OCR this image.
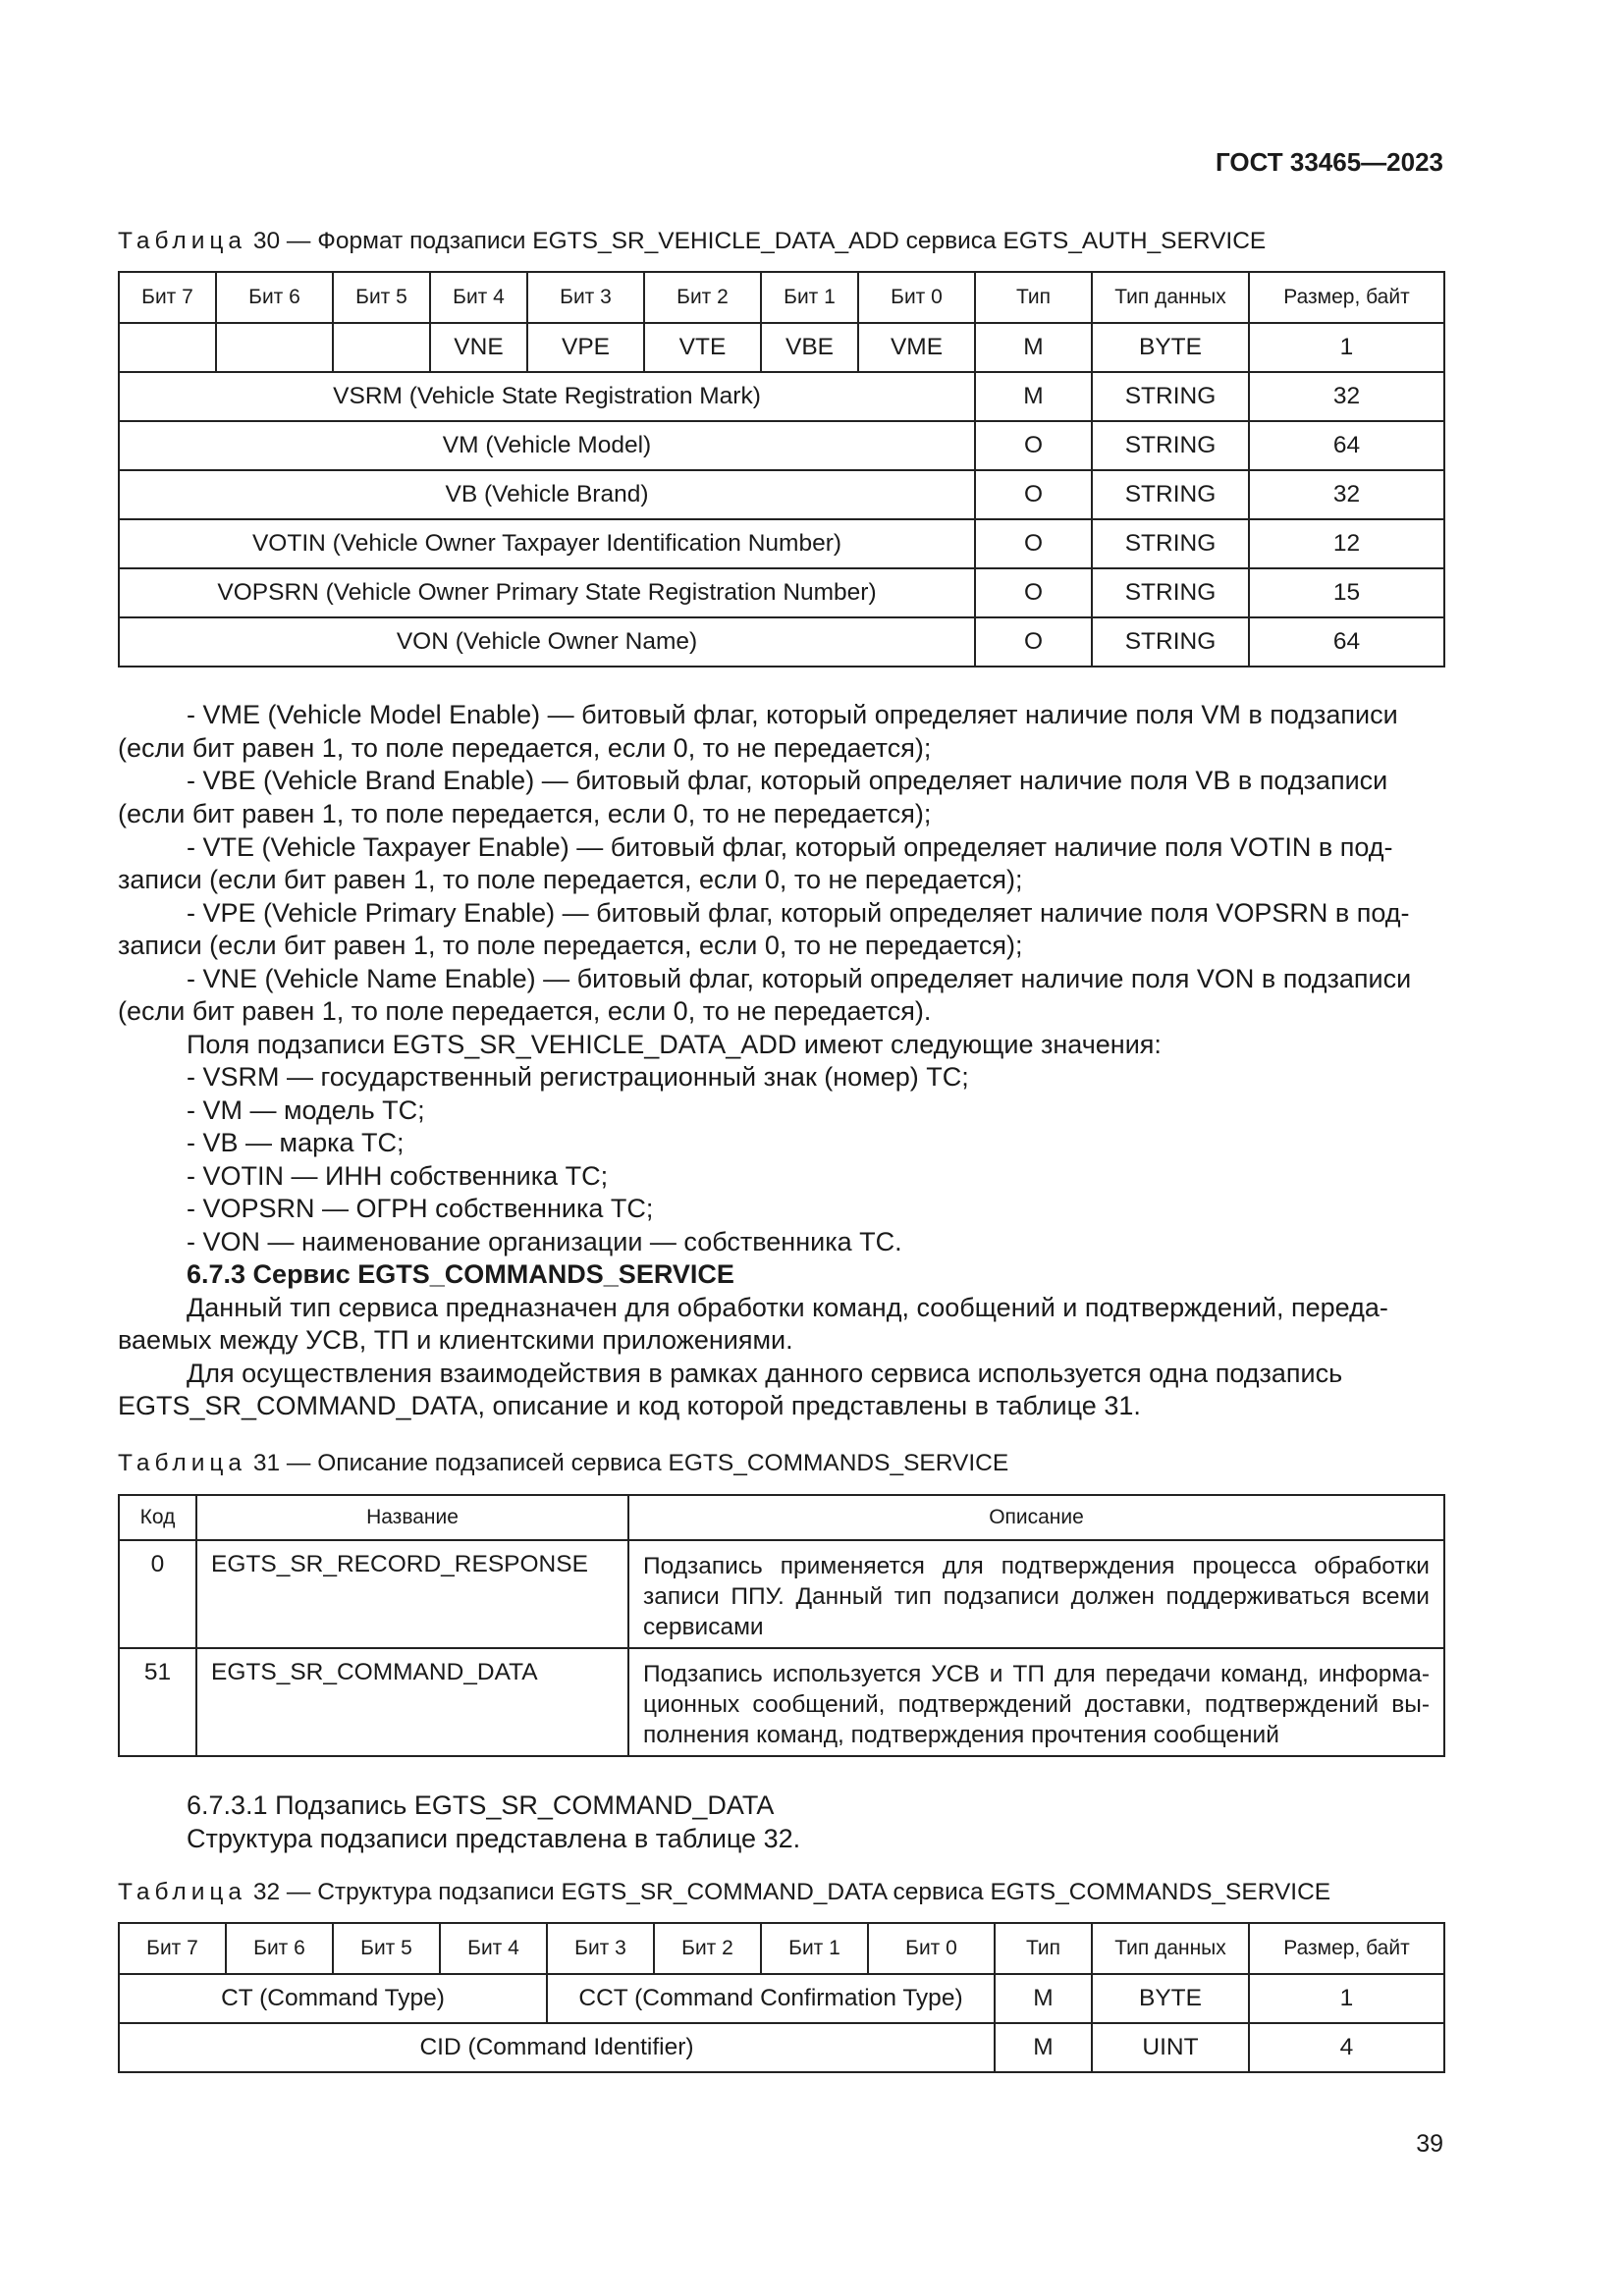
ГОСТ 33465—2023
Таблица 30 — Формат подзаписи EGTS_SR_VEHICLE_DATA_ADD сервиса EGTS_AUTH_SERVICE
Бит 7	Бит 6	Бит 5	Бит 4	Бит 3	Бит 2	Бит 1	Бит 0	Тип	Тип данных	Размер, байт
			VNE	VPE	VTE	VBE	VME	M	BYTE	1
VSRM (Vehicle State Registration Mark)								M	STRING	32
VM (Vehicle Model)								O	STRING	64
VB (Vehicle Brand)								O	STRING	32
VOTIN (Vehicle Owner Taxpayer Identification Number)								O	STRING	12
VOPSRN (Vehicle Owner Primary State Registration Number)								O	STRING	15
VON (Vehicle Owner Name)								O	STRING	64
- VME (Vehicle Model Enable) — битовый флаг, который определяет наличие поля VM в подзаписи
(если бит равен 1, то поле передается, если 0, то не передается);
- VBE (Vehicle Brand Enable) — битовый флаг, который определяет наличие поля VB в подзаписи
(если бит равен 1, то поле передается, если 0, то не передается);
- VTE (Vehicle Taxpayer Enable) — битовый флаг, который определяет наличие поля VOTIN в под-
записи (если бит равен 1, то поле передается, если 0, то не передается);
- VPE (Vehicle Primary Enable) — битовый флаг, который определяет наличие поля VOPSRN в под-
записи (если бит равен 1, то поле передается, если 0, то не передается);
- VNE (Vehicle Name Enable) — битовый флаг, который определяет наличие поля VON в подзаписи
(если бит равен 1, то поле передается, если 0, то не передается).
Поля подзаписи EGTS_SR_VEHICLE_DATA_ADD имеют следующие значения:
- VSRM — государственный регистрационный знак (номер) ТС;
- VM — модель ТС;
- VB — марка ТС;
- VOTIN — ИНН собственника ТС;
- VOPSRN — ОГРН собственника ТС;
- VON — наименование организации — собственника ТС.
6.7.3 Сервис EGTS_COMMANDS_SERVICE
Данный тип сервиса предназначен для обработки команд, сообщений и подтверждений, переда-
ваемых между УСВ, ТП и клиентскими приложениями.
Для осуществления взаимодействия в рамках данного сервиса используется одна подзапись
EGTS_SR_COMMAND_DATA, описание и код которой представлены в таблице 31.
Таблица 31 — Описание подзаписей сервиса EGTS_COMMANDS_SERVICE
Код	Название	Описание
0	EGTS_SR_RECORD_RESPONSE	Подзапись применяется для подтверждения процесса обработки записи ППУ. Данный тип подзаписи должен поддерживаться всеми сервисами
51	EGTS_SR_COMMAND_DATA	Подзапись используется УСВ и ТП для передачи команд, информа-ционных сообщений, подтверждений доставки, подтверждений вы-полнения команд, подтверждения прочтения сообщений
6.7.3.1 Подзапись EGTS_SR_COMMAND_DATA
Структура подзаписи представлена в таблице 32.
Таблица 32 — Структура подзаписи EGTS_SR_COMMAND_DATA сервиса EGTS_COMMANDS_SERVICE
Бит 7	Бит 6	Бит 5	Бит 4	Бит 3	Бит 2	Бит 1	Бит 0	Тип	Тип данных	Размер, байт
CT (Command Type)				CCT (Command Confirmation Type)				M	BYTE	1
CID (Command Identifier)								M	UINT	4
39
